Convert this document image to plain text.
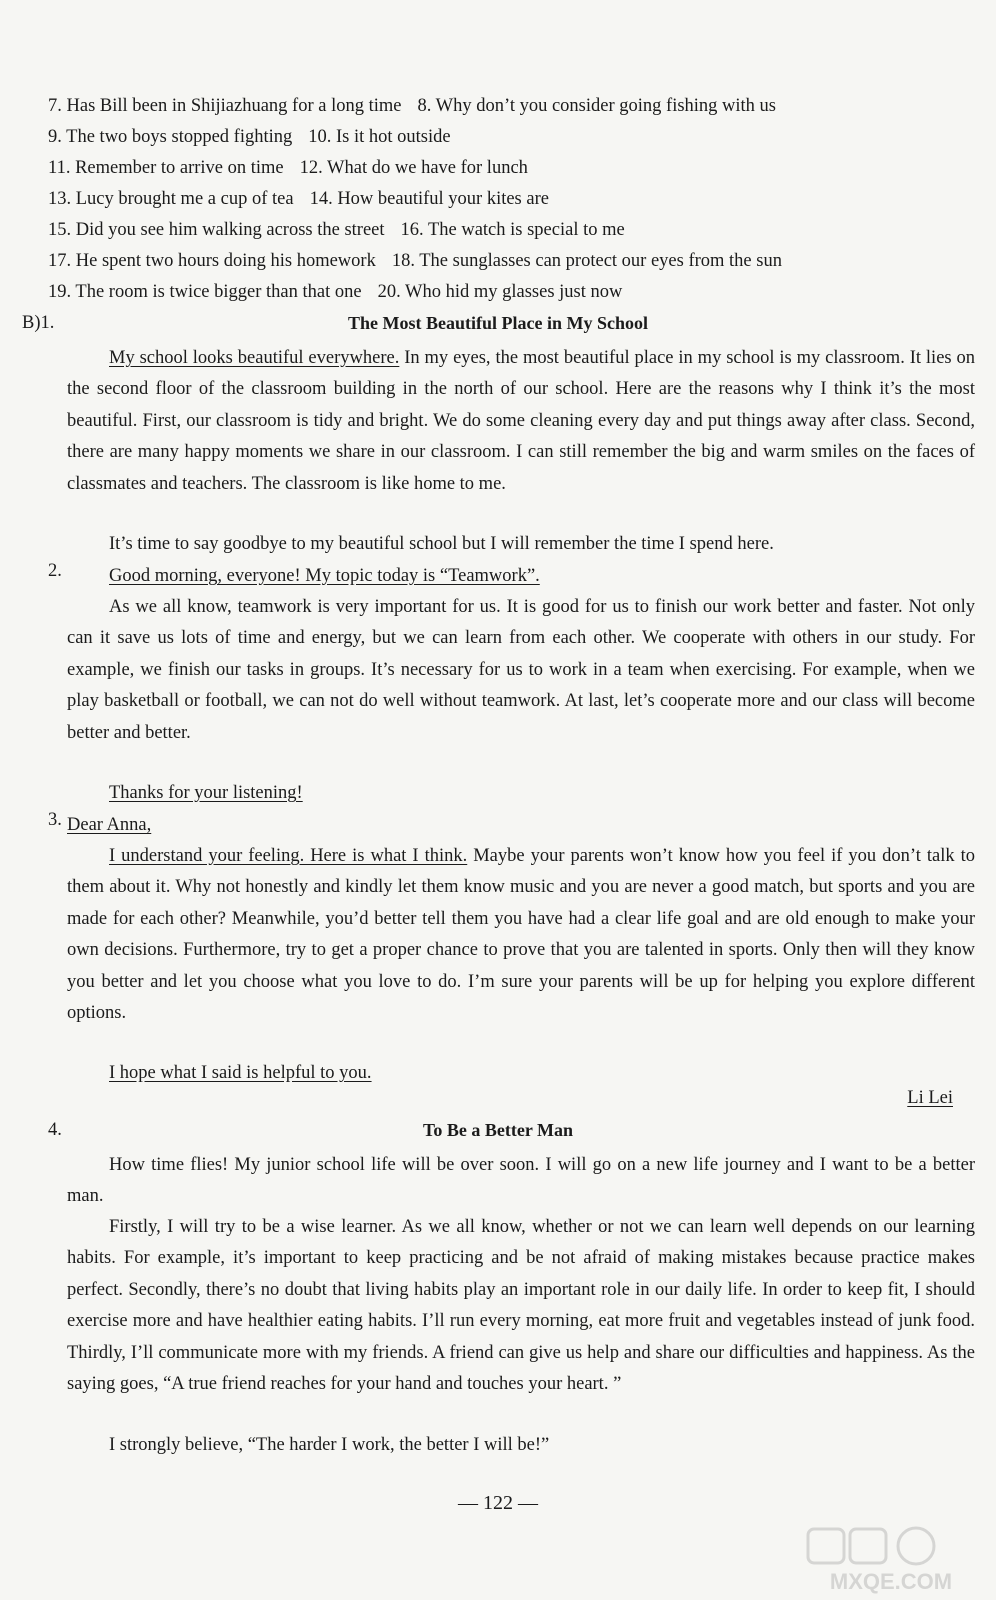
7. Has Bill been in Shijiazhuang for a long time 8. Why don’t you consider going fishing with us
9. The two boys stopped fighting 10. Is it hot outside
11. Remember to arrive on time 12. What do we have for lunch
13. Lucy brought me a cup of tea 14. How beautiful your kites are
15. Did you see him walking across the street 16. The watch is special to me
17. He spent two hours doing his homework 18. The sunglasses can protect our eyes from the sun
19. The room is twice bigger than that one 20. Who hid my glasses just now
B)1.	The Most Beautiful Place in My School

My school looks beautiful everywhere. In my eyes, the most beautiful place in my school is my classroom. It lies on the second floor of the classroom building in the north of our school. Here are the reasons why I think it’s the most beautiful. First, our classroom is tidy and bright. We do some cleaning every day and put things away after class. Second, there are many happy moments we share in our classroom. I can still remember the big and warm smiles on the faces of classmates and teachers. The classroom is like home to me.

It’s time to say goodbye to my beautiful school but I will remember the time I spend here.

2.	Good morning, everyone! My topic today is “Teamwork”.

As we all know, teamwork is very important for us. It is good for us to finish our work better and faster. Not only can it save us lots of time and energy, but we can learn from each other. We cooperate with others in our study. For example, we finish our tasks in groups. It’s necessary for us to work in a team when exercising. For example, when we play basketball or football, we can not do well without teamwork. At last, let’s cooperate more and our class will become better and better.

Thanks for your listening!

3. Dear Anna,

I understand your feeling. Here is what I think. Maybe your parents won’t know how you feel if you don’t talk to them about it. Why not honestly and kindly let them know music and you are never a good match, but sports and you are made for each other? Meanwhile, you’d better tell them you have had a clear life goal and are old enough to make your own decisions. Furthermore, try to get a proper chance to prove that you are talented in sports. Only then will they know you better and let you choose what you love to do. I’m sure your parents will be up for helping you explore different options.

I hope what I said is helpful to you.

Li Lei
4.	To Be a Better Man

How time flies! My junior school life will be over soon. I will go on a new life journey and I want to be a better man.

Firstly, I will try to be a wise learner. As we all know, whether or not we can learn well depends on our learning habits. For example, it’s important to keep practicing and be not afraid of making mistakes because practice makes perfect. Secondly, there’s no doubt that living habits play an important role in our daily life. In order to keep fit, I should exercise more and have healthier eating habits. I’ll run every morning, eat more fruit and vegetables instead of junk food. Thirdly, I’ll communicate more with my friends. A friend can give us help and share our difficulties and happiness. As the saying goes, “A true friend reaches for your hand and touches your heart. ”

I strongly believe, “The harder I work, the better I will be!”

— 122 —
MXQE.COM
